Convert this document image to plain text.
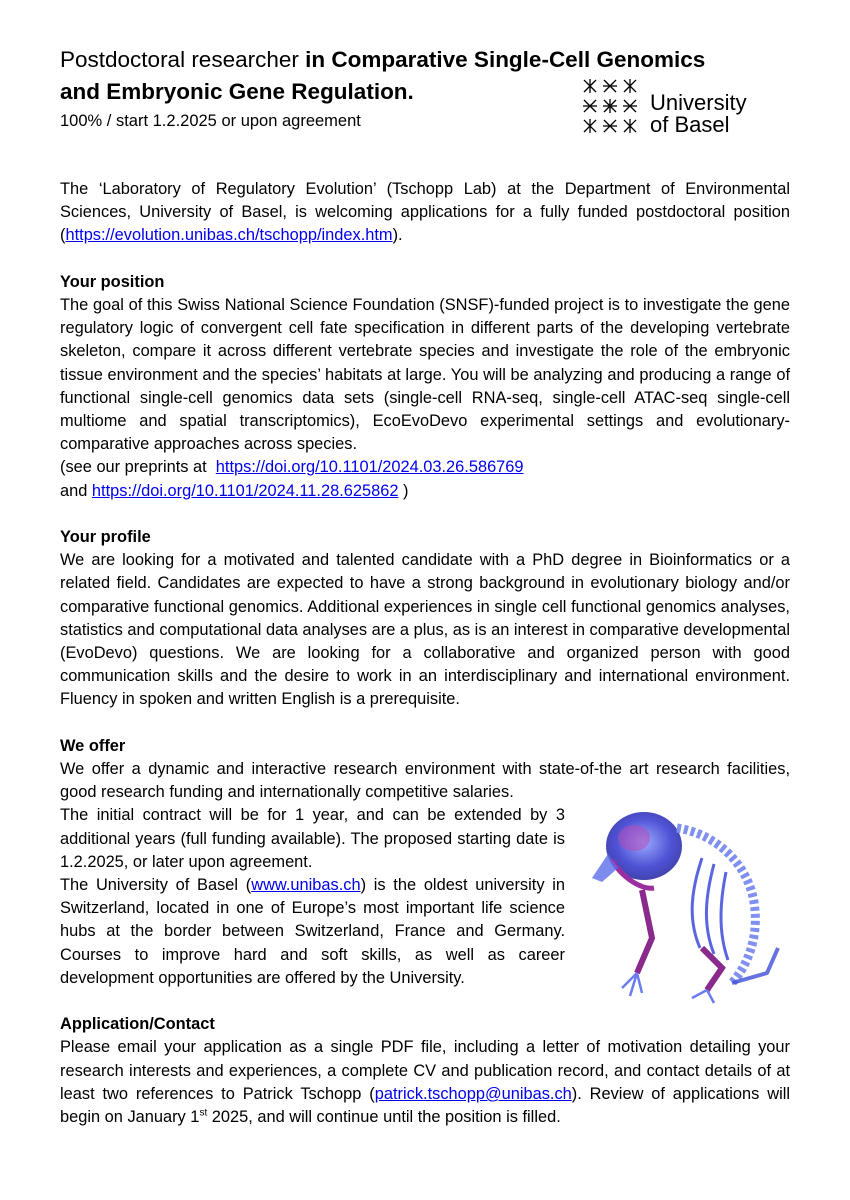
Postdoctoral researcher in Comparative Single-Cell Genomics
and Embryonic Gene Regulation.
100% / start 1.2.2025 or upon agreement
University
of Basel

The ‘Laboratory of Regulatory Evolution’ (Tschopp Lab) at the Department of Environmental Sciences, University of Basel, is welcoming applications for a fully funded postdoctoral position (https://evolution.unibas.ch/tschopp/index.htm).

Your position

The goal of this Swiss National Science Foundation (SNSF)-funded project is to investigate the gene regulatory logic of convergent cell fate specification in different parts of the developing vertebrate skeleton, compare it across different vertebrate species and investigate the role of the embryonic tissue environment and the species’ habitats at large. You will be analyzing and producing a range of functional single-cell genomics data sets (single-cell RNA-seq, single-cell ATAC-seq single-cell multiome and spatial transcriptomics), EcoEvoDevo experimental settings and evolutionary-comparative approaches across species.

(see our preprints at https://doi.org/10.1101/2024.03.26.586769

and https://doi.org/10.1101/2024.11.28.625862 )

Your profile

We are looking for a motivated and talented candidate with a PhD degree in Bioinformatics or a related field. Candidates are expected to have a strong background in evolutionary biology and/or comparative functional genomics. Additional experiences in single cell functional genomics analyses, statistics and computational data analyses are a plus, as is an interest in comparative developmental (EvoDevo) questions. We are looking for a collaborative and organized person with good communication skills and the desire to work in an interdisciplinary and international environment. Fluency in spoken and written English is a prerequisite.

We offer

We offer a dynamic and interactive research environment with state-of-the art research facilities, good research funding and internationally competitive salaries.

The initial contract will be for 1 year, and can be extended by 3 additional years (full funding available). The proposed starting date is 1.2.2025, or later upon agreement.

The University of Basel (www.unibas.ch) is the oldest university in Switzerland, located in one of Europe’s most important life science hubs at the border between Switzerland, France and Germany. Courses to improve hard and soft skills, as well as career development opportunities are offered by the University.

Application/Contact

Please email your application as a single PDF file, including a letter of motivation detailing your research interests and experiences, a complete CV and publication record, and contact details of at least two references to Patrick Tschopp (patrick.tschopp@unibas.ch). Review of applications will begin on January 1st 2025, and will continue until the position is filled.
